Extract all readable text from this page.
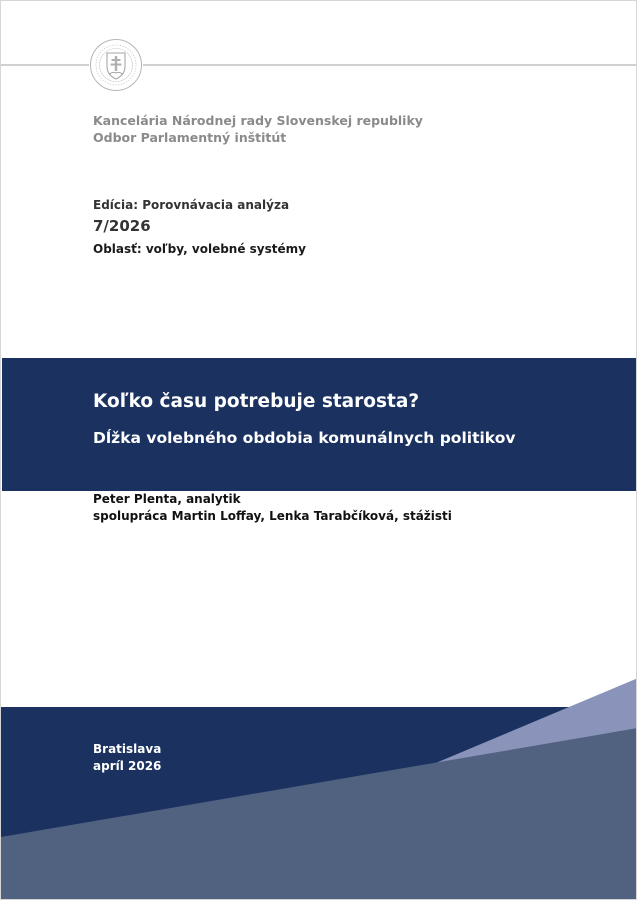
Kancelária Národnej rady Slovenskej republiky
Odbor Parlamentný inštitút
Edícia: Porovnávacia analýza
7/2026
Oblasť: voľby, volebné systémy
Koľko času potrebuje starosta?
Dĺžka volebného obdobia komunálnych politikov
Peter Plenta, analytik
spolupráca Martin Loffay, Lenka Tarabčíková, stážisti
Bratislava
apríl 2026
